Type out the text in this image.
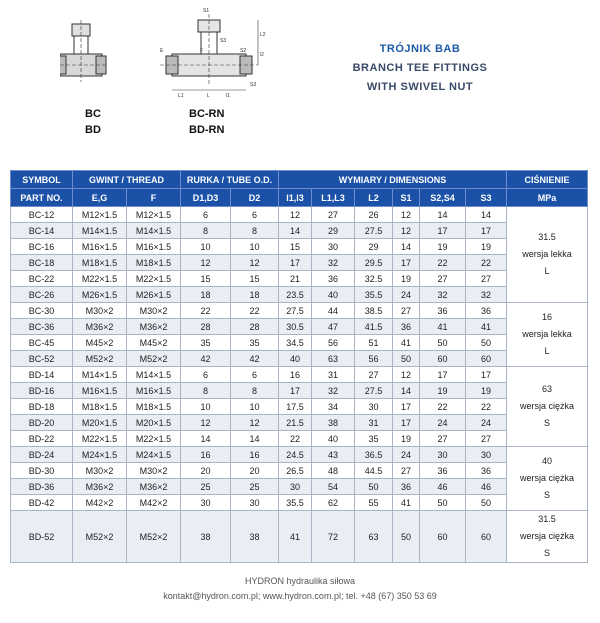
S1
S3
E	F	S2
S3
L1	L	l1
L2
l2
BC
BD
BC-RN
BD-RN
TRÓJNIK BAB
BRANCH TEE FITTINGS
WITH SWIVEL NUT
SYMBOL	GWINT / THREAD		RURKA / TUBE O.D.		WYMIARY / DIMENSIONS						CIŚNIENIE
PART NO.	E,G	F	D1,D3	D2	l1,l3	L1,L3	L2	S1	S2,S4	S3	MPa
BC-12	M12×1.5	M12×1.5	6	6	12	27	26	12	14	14	31.5
wersja lekka
L

BC-14	M14×1.5	M14×1.5	8	8	14	29	27.5	12	17	17	
BC-16	M16×1.5	M16×1.5	10	10	15	30	29	14	19	19	
BC-18	M18×1.5	M18×1.5	12	12	17	32	29.5	17	22	22	
BC-22	M22×1.5	M22×1.5	15	15	21	36	32.5	19	27	27	
BC-26	M26×1.5	M26×1.5	18	18	23.5	40	35.5	24	32	32	
BC-30	M30×2	M30×2	22	22	27.5	44	38.5	27	36	36	16
wersja lekka
L

BC-36	M36×2	M36×2	28	28	30.5	47	41.5	36	41	41	
BC-45	M45×2	M45×2	35	35	34.5	56	51	41	50	50	
BC-52	M52×2	M52×2	42	42	40	63	56	50	60	60	
BD-14	M14×1.5	M14×1.5	6	6	16	31	27	12	17	17	63
wersja ciężka
S

BD-16	M16×1.5	M16×1.5	8	8	17	32	27.5	14	19	19	
BD-18	M18×1.5	M18×1.5	10	10	17.5	34	30	17	22	22	
BD-20	M20×1.5	M20×1.5	12	12	21.5	38	31	17	24	24	
BD-22	M22×1.5	M22×1.5	14	14	22	40	35	19	27	27	
BD-24	M24×1.5	M24×1.5	16	16	24.5	43	36.5	24	30	30	40
wersja ciężka
S

BD-30	M30×2	M30×2	20	20	26.5	48	44.5	27	36	36	
BD-36	M36×2	M36×2	25	25	30	54	50	36	46	46	
BD-42	M42×2	M42×2	30	30	35.5	62	55	41	50	50	
BD-52	M52×2	M52×2	38	38	41	72	63	50	60	60	31.5
wersja ciężka
S
HYDRON hydraulika siłowa
kontakt@hydron.com.pl; www.hydron.com.pl; tel. +48 (67) 350 53 69
